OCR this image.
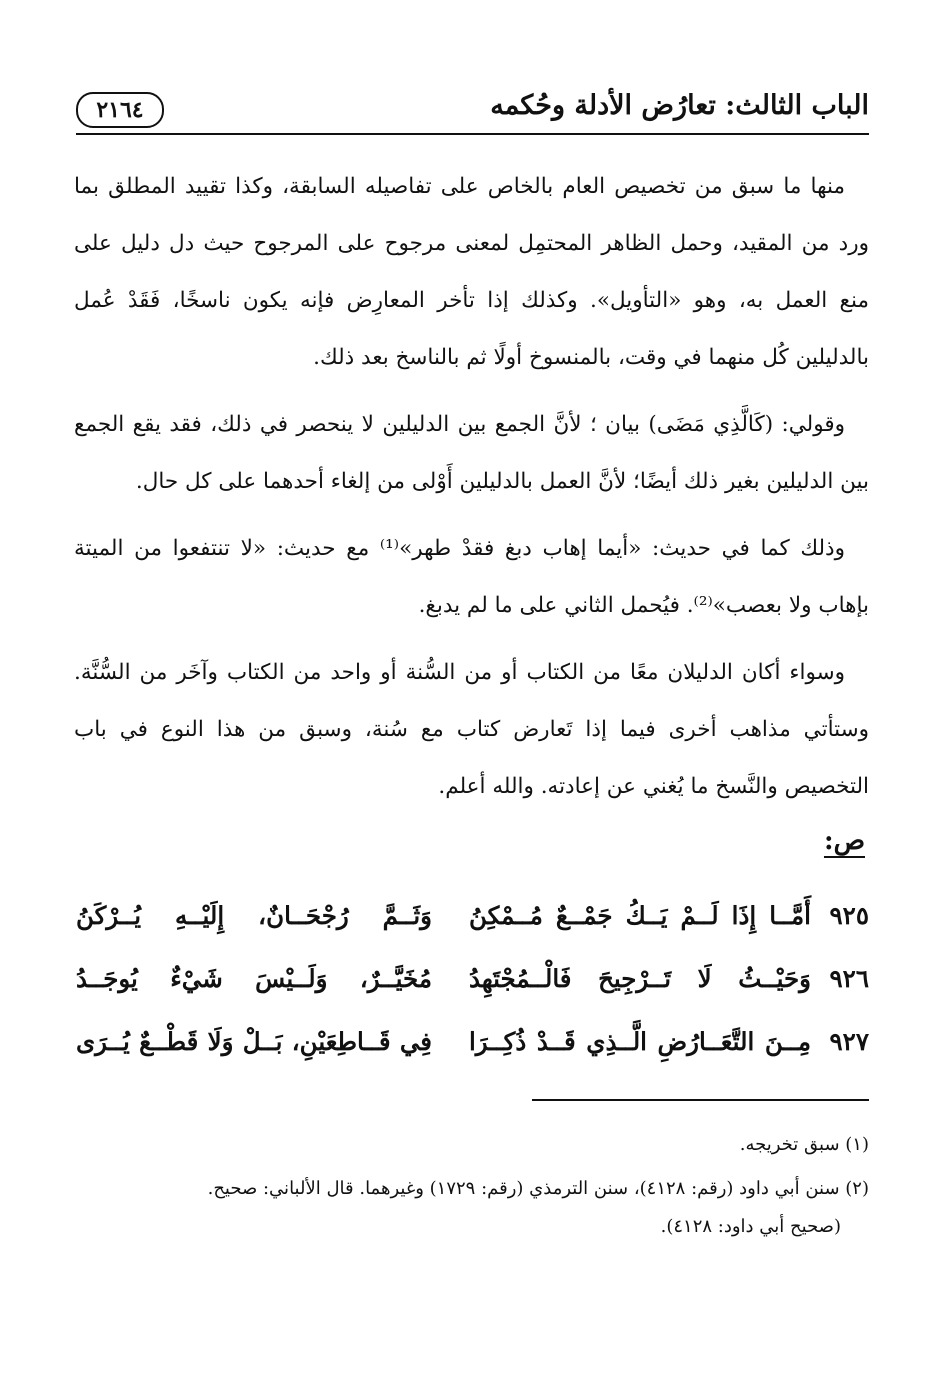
الباب الثالث: تعارُض الأدلة وحُكمه
٢١٦٤

منها ما سبق من تخصيص العام بالخاص على تفاصيله السابقة، وكذا تقييد المطلق بما ورد من المقيد، وحمل الظاهر المحتمِل لمعنى مرجوح على المرجوح حيث دل دليل على منع العمل به، وهو «التأويل». وكذلك إذا تأخر المعارِض فإنه يكون ناسخًا، فَقَدْ عُمل بالدليلين كُل منهما في وقت، بالمنسوخ أولًا ثم بالناسخ بعد ذلك.

وقولي: (كَالَّذِي مَضَى) بيان ؛ لأنَّ الجمع بين الدليلين لا ينحصر في ذلك، فقد يقع الجمع بين الدليلين بغير ذلك أيضًا؛ لأنَّ العمل بالدليلين أَوْلى من إلغاء أحدهما على كل حال.

وذلك كما في حديث: «أيما إهاب دبغ فقدْ طهر»⁽¹⁾ مع حديث: «لا تنتفعوا من الميتة بإهاب ولا بعصب»⁽²⁾. فيُحمل الثاني على ما لم يدبغ.

وسواء أكان الدليلان معًا من الكتاب أو من السُّنة أو واحد من الكتاب وآخَر من السُّنَّة. وستأتي مذاهب أخرى فيما إذا تَعارض كتاب مع سُنة، وسبق من هذا النوع في باب التخصيص والنَّسخ ما يُغني عن إعادته. والله أعلم.

ص:
٩٢٥
أَمَّــا إِذَا لَــمْ يَــكُ جَمْــعٌ مُــمْكِنُ
وَثَــمَّ رُجْحَــانٌ، إِلَيْــهِ يُــرْكَنُ
٩٢٦
وَحَيْــثُ لَا تَــرْجِيحَ فَالْــمُجْتَهِدُ
مُخَيَّــرٌ، وَلَــيْسَ شَيْءٌ يُوجَــدُ
٩٢٧
مِــنَ التَّعَــارُضِ الَّــذِي قَــدْ ذُكِــرَا
فِي قَــاطِعَيْنِ، بَــلْ وَلَا قَطْــعٌ يُــرَى
(١) سبق تخريجه.
(٢) سنن أبي داود (رقم: ٤١٢٨)، سنن الترمذي (رقم: ١٧٢٩) وغيرهما. قال الألباني: صحيح.
(صحيح أبي داود: ٤١٢٨).
